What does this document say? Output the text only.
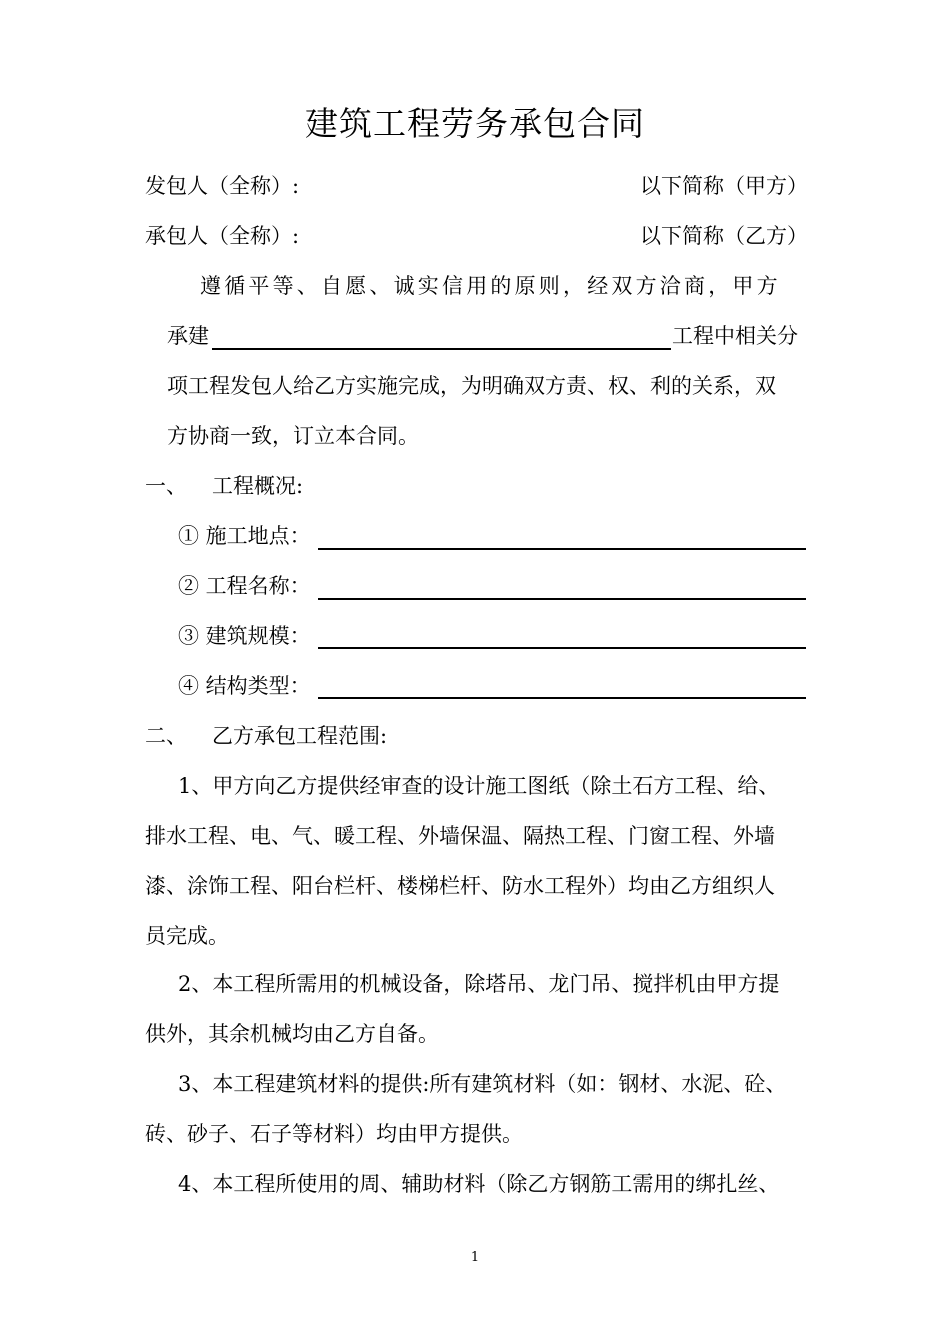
建筑工程劳务承包合同
发包人（全称）:	以下简称（甲方）
承包人（全称）:	以下简称（乙方）
遵循平等、自愿、诚实信用的原则，经双方洽商，甲方
承建	工程中相关分
项工程发包人给乙方实施完成，为明确双方责、权、利的关系，双
方协商一致，订立本合同。
一、 工程概况:
① 施工地点：
② 工程名称：
③ 建筑规模：
④ 结构类型：
二、 乙方承包工程范围:
1、甲方向乙方提供经审查的设计施工图纸（除土石方工程、给、
排水工程、电、气、暖工程、外墙保温、隔热工程、门窗工程、外墙
漆、涂饰工程、阳台栏杆、楼梯栏杆、防水工程外）均由乙方组织人
员完成。
2、本工程所需用的机械设备，除塔吊、龙门吊、搅拌机由甲方提
供外，其余机械均由乙方自备。
3、本工程建筑材料的提供:所有建筑材料（如：钢材、水泥、砼、
砖、砂子、石子等材料）均由甲方提供。
4、本工程所使用的周、辅助材料（除乙方钢筋工需用的绑扎丝、
1
